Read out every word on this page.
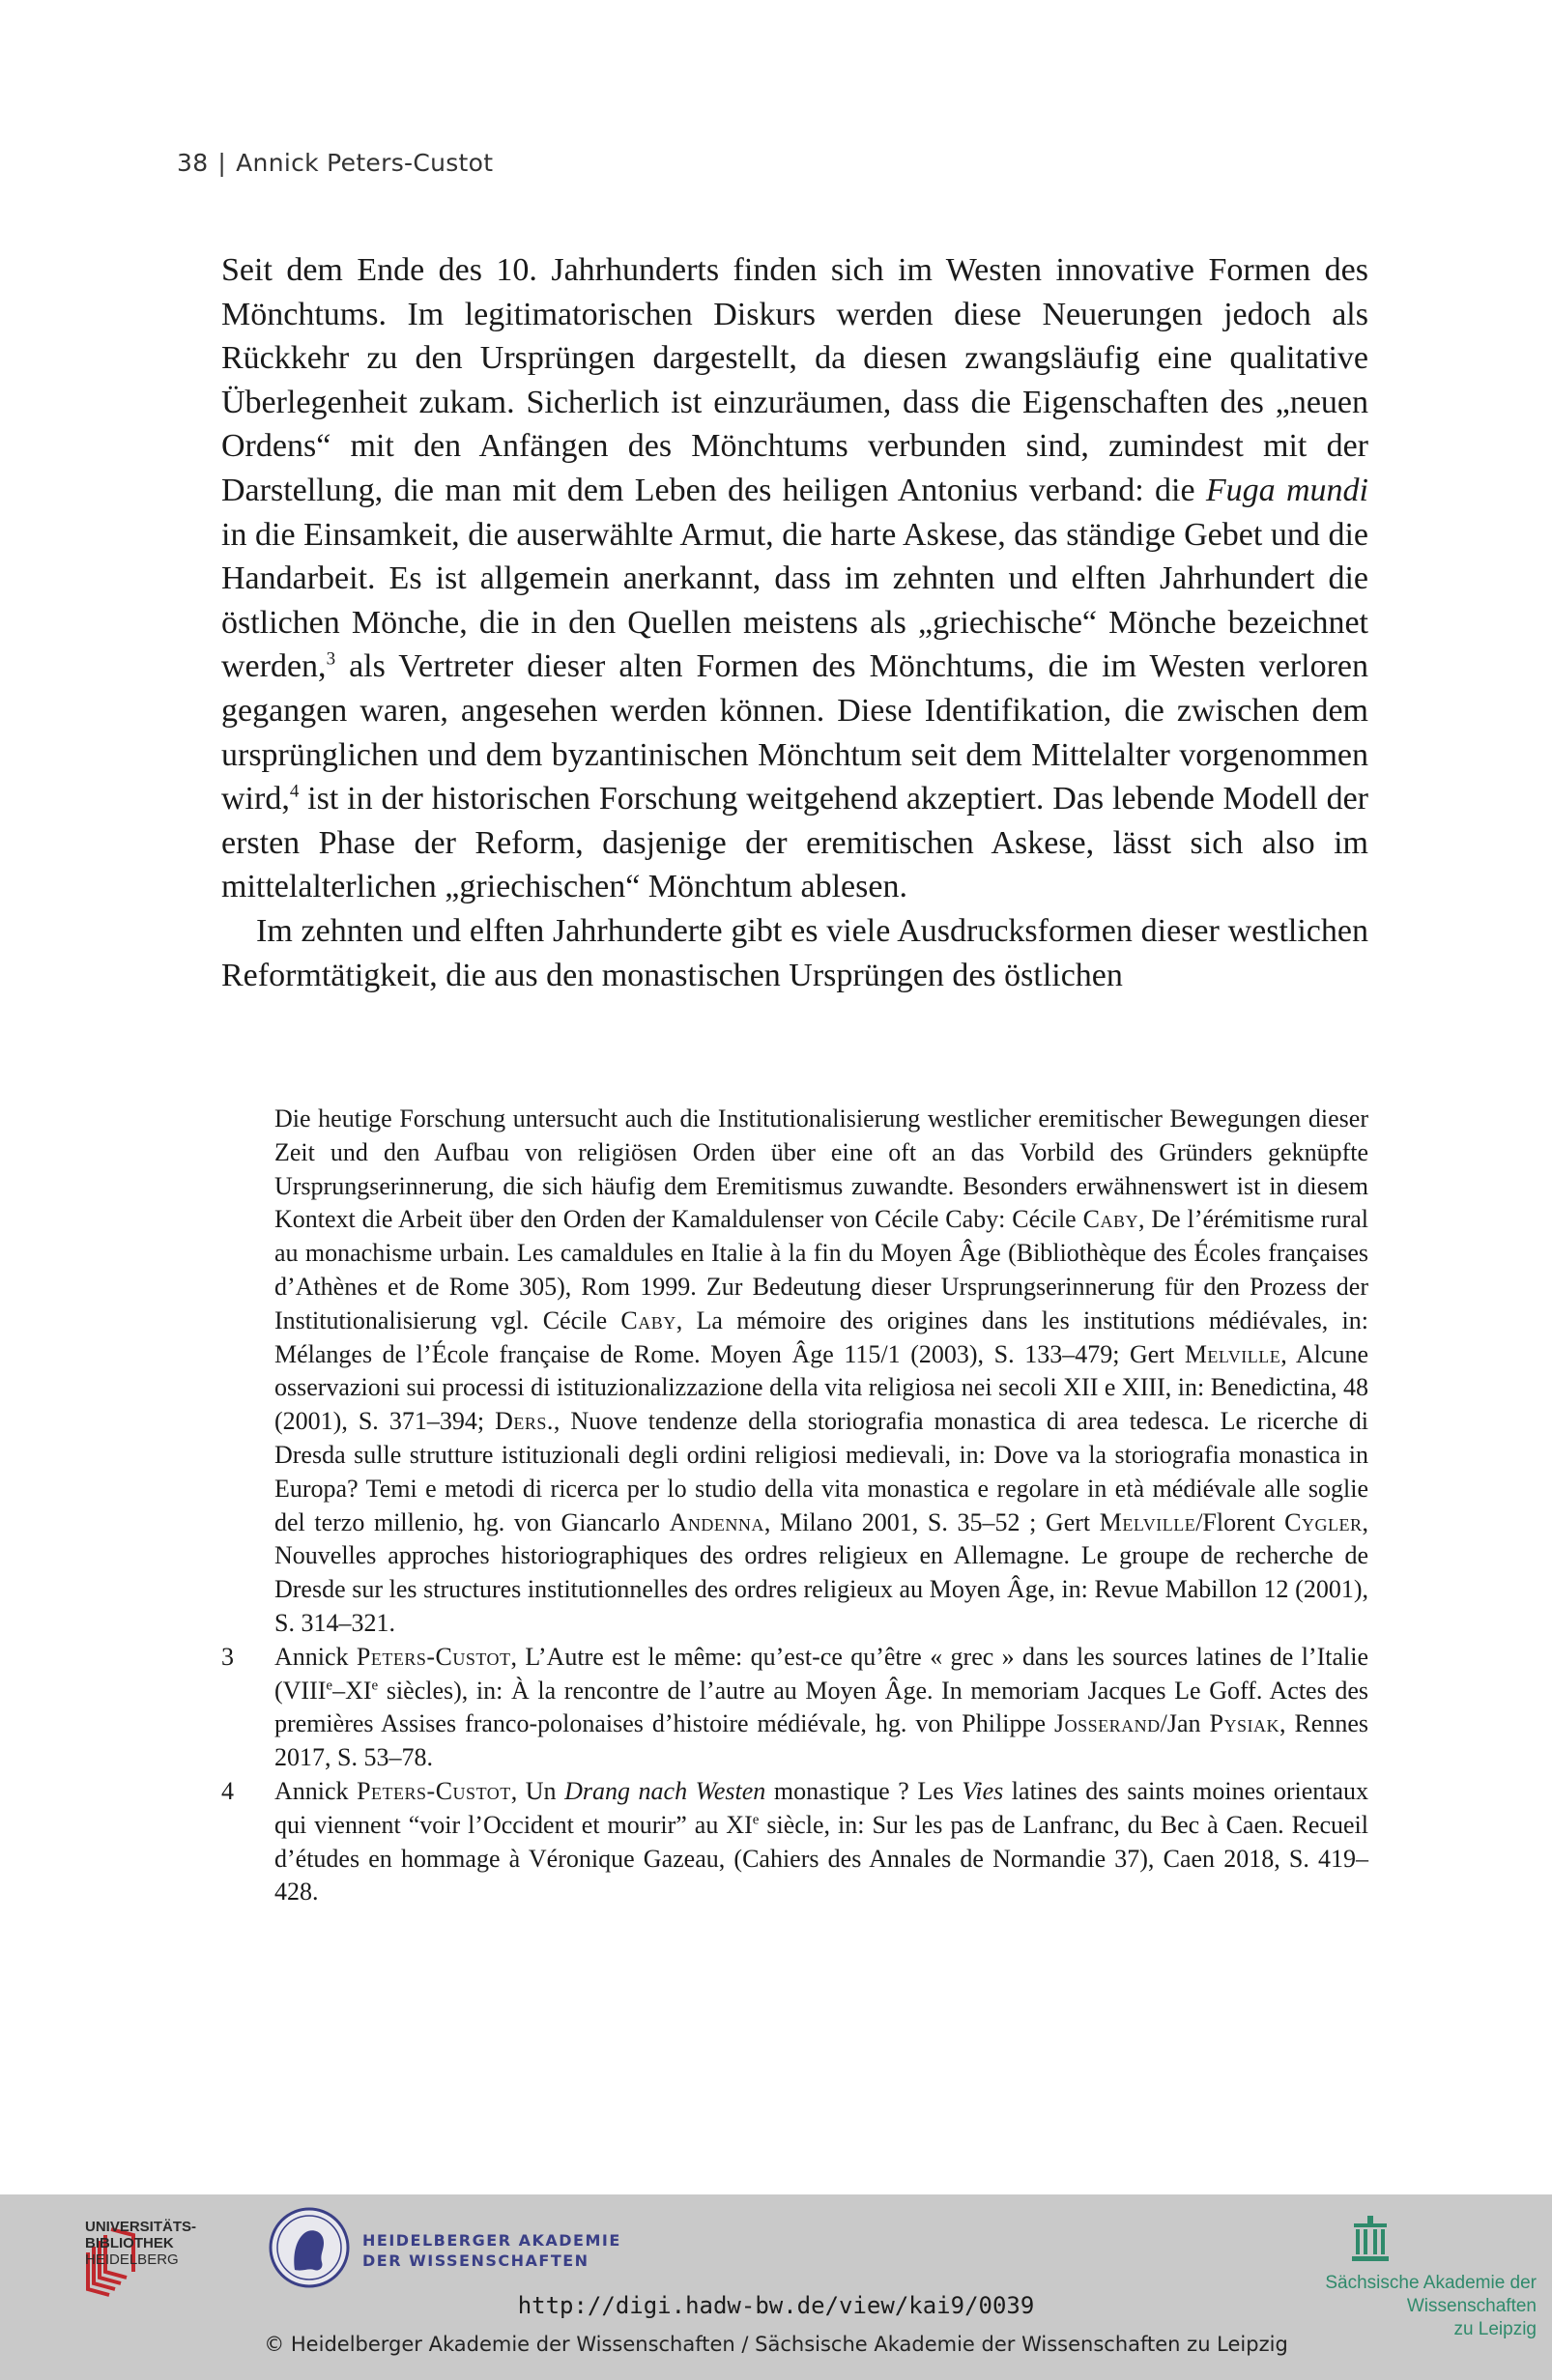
38 | Annick Peters-Custot

Seit dem Ende des 10. Jahrhunderts finden sich im Westen innovative Formen des Mönchtums. Im legitimatorischen Diskurs werden diese Neuerungen jedoch als Rückkehr zu den Ursprüngen dargestellt, da diesen zwangsläufig eine qualitative Überlegenheit zukam. Sicherlich ist einzuräumen, dass die Eigenschaften des „neuen Ordens“ mit den Anfängen des Mönchtums verbunden sind, zumindest mit der Darstellung, die man mit dem Leben des heiligen Antonius verband: die Fuga mundi in die Einsamkeit, die auserwählte Armut, die harte Askese, das ständige Gebet und die Handarbeit. Es ist allgemein anerkannt, dass im zehnten und elften Jahrhundert die östlichen Mönche, die in den Quellen meistens als „griechische“ Mönche bezeichnet werden,$^3$ als Vertreter dieser alten Formen des Mönchtums, die im Westen verloren gegangen waren, angesehen werden können. Diese Identifikation, die zwischen dem ursprünglichen und dem byzantinischen Mönchtum seit dem Mittelalter vorgenommen wird,$^4$ ist in der historischen Forschung weitgehend akzeptiert. Das lebende Modell der ersten Phase der Reform, dasjenige der eremitischen Askese, lässt sich also im mittelalterlichen „griechischen“ Mönchtum ablesen.

Im zehnten und elften Jahrhunderte gibt es viele Ausdrucksformen dieser westlichen Reformtätigkeit, die aus den monastischen Ursprüngen des östlichen

Die heutige Forschung untersucht auch die Institutionalisierung westlicher eremitischer Bewegungen dieser Zeit und den Aufbau von religiösen Orden über eine oft an das Vorbild des Gründers geknüpfte Ursprungserinnerung, die sich häufig dem Eremitismus zuwandte. Besonders erwähnenswert ist in diesem Kontext die Arbeit über den Orden der Kamaldulenser von Cécile Caby: Cécile Caby, De l’érémitisme rural au monachisme urbain. Les camaldules en Italie à la fin du Moyen Âge (Bibliothèque des Écoles françaises d’Athènes et de Rome 305), Rom 1999. Zur Bedeutung dieser Ursprungserinnerung für den Prozess der Institutionalisierung vgl. Cécile Caby, La mémoire des origines dans les institutions médiévales, in: Mélanges de l’École française de Rome. Moyen Âge 115/1 (2003), S. 133–479; Gert Melville, Alcune osservazioni sui processi di istituzionalizzazione della vita religiosa nei secoli XII e XIII, in: Benedictina, 48 (2001), S. 371–394; Ders., Nuove tendenze della storiografia monastica di area tedesca. Le ricerche di Dresda sulle strutture istituzionali degli ordini religiosi medievali, in: Dove va la storiografia monastica in Europa? Temi e metodi di ricerca per lo studio della vita monastica e regolare in età médiévale alle soglie del terzo millenio, hg. von Giancarlo Andenna, Milano 2001, S. 35–52 ; Gert Melville/Florent Cygler, Nouvelles approches historiographiques des ordres religieux en Allemagne. Le groupe de recherche de Dresde sur les structures institutionnelles des ordres religieux au Moyen Âge, in: Revue Mabillon 12 (2001), S. 314–321.
3	Annick Peters-Custot, L’Autre est le même: qu’est-ce qu’être « grec » dans les sources latines de l’Italie (VIIIe–XIe siècles), in: À la rencontre de l’autre au Moyen Âge. In memoriam Jacques Le Goff. Actes des premières Assises franco-polonaises d’histoire médiévale, hg. von Philippe Josserand/Jan Pysiak, Rennes 2017, S. 53–78.
4	Annick Peters-Custot, Un Drang nach Westen monastique ? Les Vies latines des saints moines orientaux qui viennent “voir l’Occident et mourir” au XIe siècle, in: Sur les pas de Lanfranc, du Bec à Caen. Recueil d’études en hommage à Véronique Gazeau, (Cahiers des Annales de Normandie 37), Caen 2018, S. 419–428.
UNIVERSITÄTS-
BIBLIOTHEK
HEIDELBERG
HEIDELBERGER AKADEMIE
DER WISSENSCHAFTEN
Sächsische Akademie der Wissenschaften
zu Leipzig
http://digi.hadw-bw.de/view/kai9/0039
© Heidelberger Akademie der Wissenschaften / Sächsische Akademie der Wissenschaften zu Leipzig
